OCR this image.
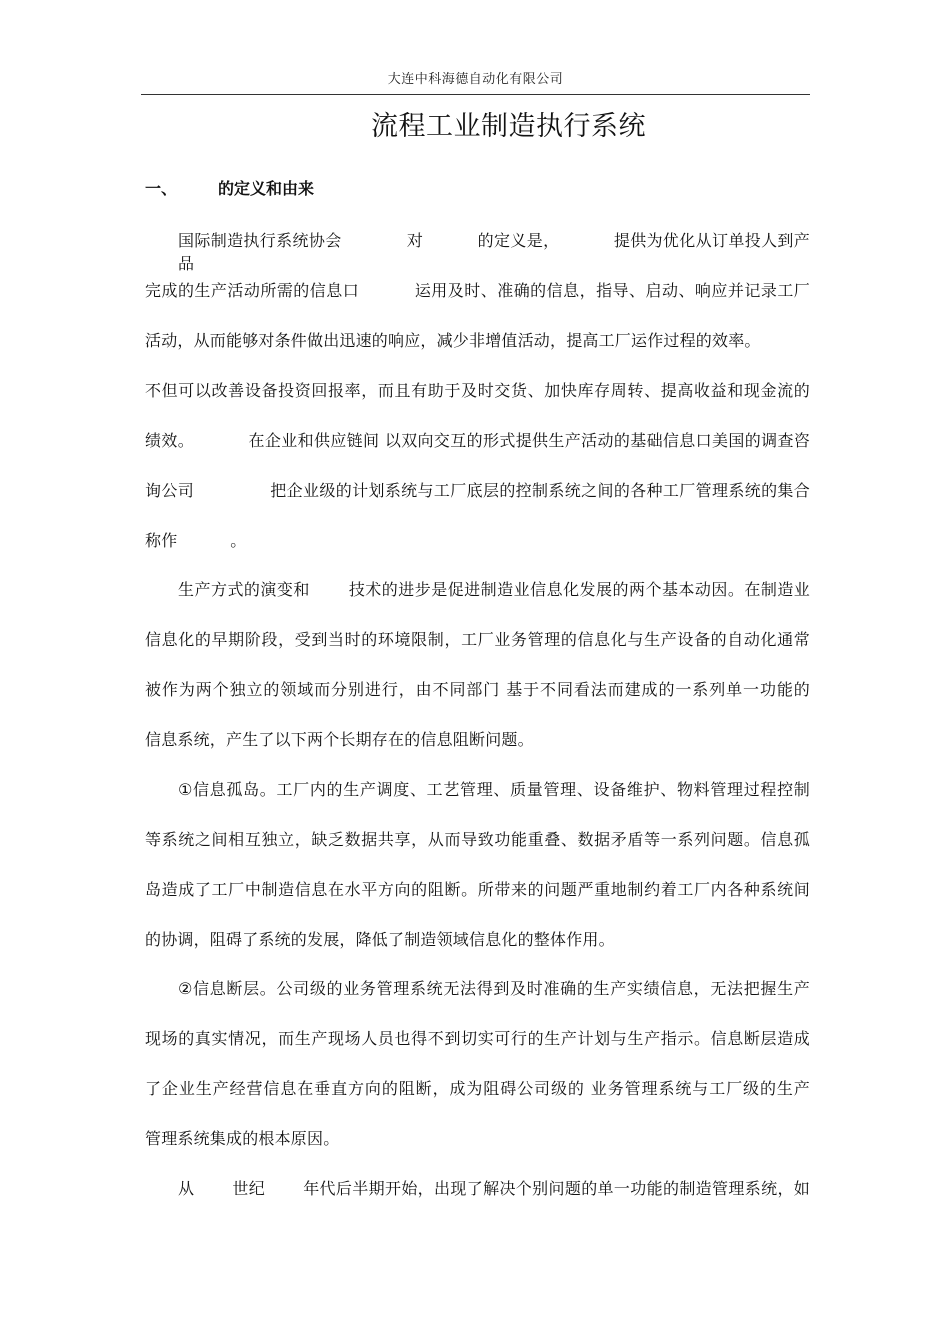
大连中科海德自动化有限公司
流程工业制造执行系统
一、	的定义和由来

国际制造执行系统协会            对          的定义是，          提供为优化从订单投人到产品

完成的生产活动所需的信息口          运用及时、准确的信息，指导、启动、响应并记录工厂

活动，从而能够对条件做出迅速的响应，减少非增值活动，提高工厂运作过程的效率。

不但可以改善设备投资回报率，而且有助于及时交货、加快库存周转、提高收益和现金流的

绩效。          在企业和供应链间 以双向交互的形式提供生产活动的基础信息口美国的调查咨

询公司              把企业级的计划系统与工厂底层的控制系统之间的各种工厂管理系统的集合

称作          。

生产方式的演变和       技术的进步是促进制造业信息化发展的两个基本动因。在制造业

信息化的早期阶段，受到当时的环境限制，工厂业务管理的信息化与生产设备的自动化通常

被作为两个独立的领域而分别进行，由不同部门 基于不同看法而建成的一系列单一功能的

信息系统，产生了以下两个长期存在的信息阻断问题。

①信息孤岛。工厂内的生产调度、工艺管理、质量管理、设备维护、物料管理过程控制

等系统之间相互独立，缺乏数据共享，从而导致功能重叠、数据矛盾等一系列问题。信息孤

岛造成了工厂中制造信息在水平方向的阻断。所带来的问题严重地制约着工厂内各种系统间

的协调，阻碍了系统的发展，降低了制造领域信息化的整体作用。

②信息断层。公司级的业务管理系统无法得到及时准确的生产实绩信息，无法把握生产

现场的真实情况，而生产现场人员也得不到切实可行的生产计划与生产指示。信息断层造成

了企业生产经营信息在垂直方向的阻断，成为阻碍公司级的 业务管理系统与工厂级的生产

管理系统集成的根本原因。

从       世纪       年代后半期开始，出现了解决个别问题的单一功能的制造管理系统，如
